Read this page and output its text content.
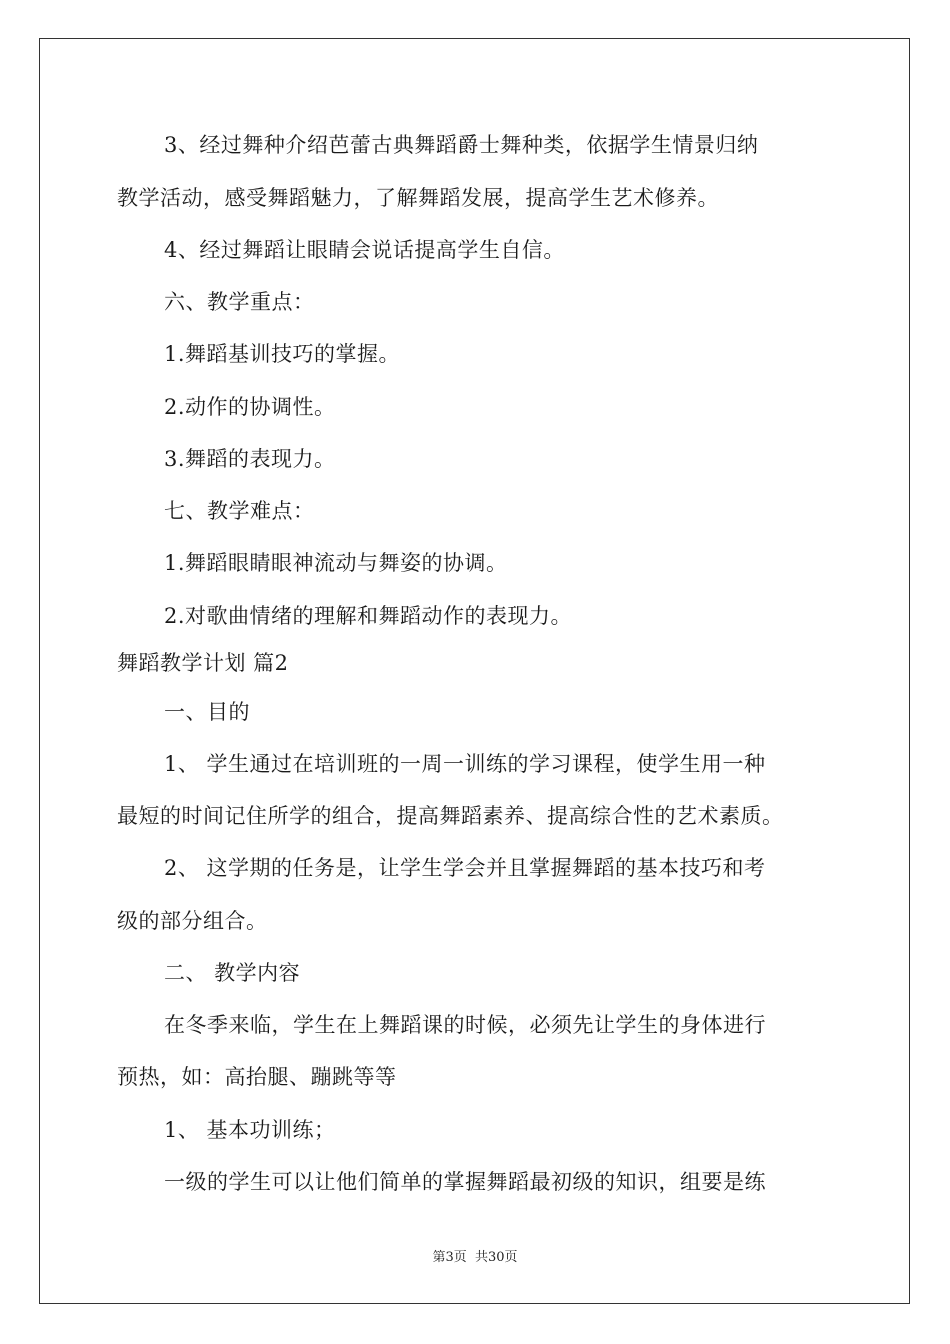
3、经过舞种介绍芭蕾古典舞蹈爵士舞种类，依据学生情景归纳
教学活动，感受舞蹈魅力，了解舞蹈发展，提高学生艺术修养。
4、经过舞蹈让眼睛会说话提高学生自信。
六、教学重点：
1.舞蹈基训技巧的掌握。
2.动作的协调性。
3.舞蹈的表现力。
七、教学难点：
1.舞蹈眼睛眼神流动与舞姿的协调。
2.对歌曲情绪的理解和舞蹈动作的表现力。
舞蹈教学计划 篇2
一、目的
1、 学生通过在培训班的一周一训练的学习课程，使学生用一种
最短的时间记住所学的组合，提高舞蹈素养、提高综合性的艺术素质。
2、 这学期的任务是，让学生学会并且掌握舞蹈的基本技巧和考
级的部分组合。
二、 教学内容
在冬季来临，学生在上舞蹈课的时候，必须先让学生的身体进行
预热，如：高抬腿、蹦跳等等
1、 基本功训练；
一级的学生可以让他们简单的掌握舞蹈最初级的知识，组要是练
第3页 共30页
